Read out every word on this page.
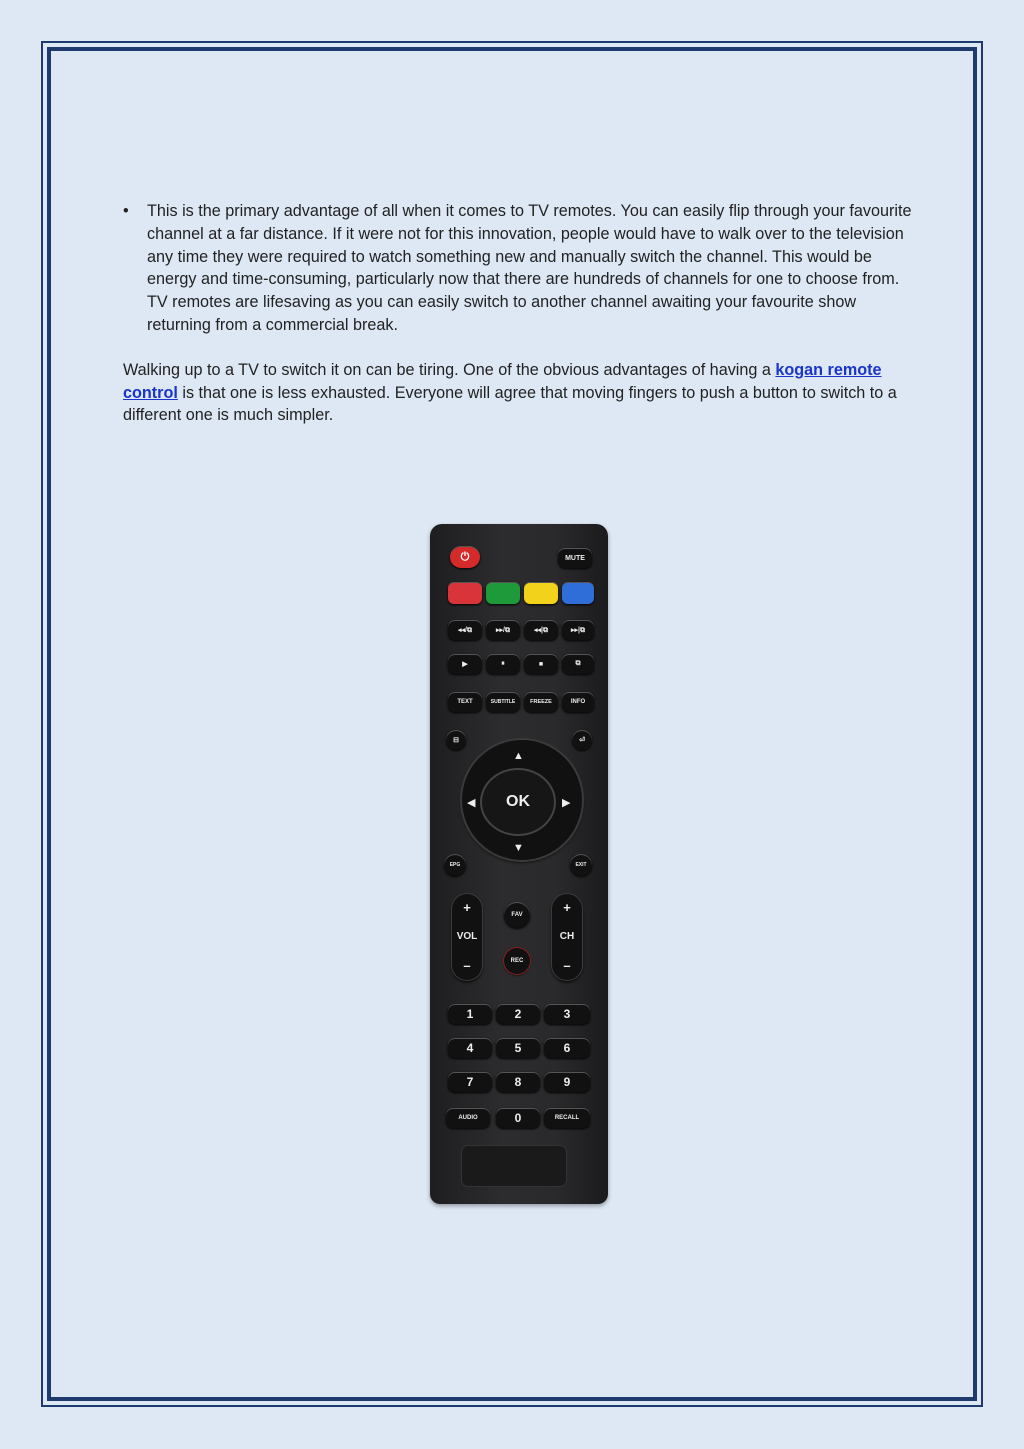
•	This is the primary advantage of all when it comes to TV remotes. You can easily flip through your favourite channel at a far distance. If it were not for this innovation, people would have to walk over to the television any time they were required to watch something new and manually switch the channel. This would be energy and time-consuming, particularly now that there are hundreds of channels for one to choose from. TV remotes are lifesaving as you can easily switch to another channel awaiting your favourite show returning from a commercial break.
Walking up to a TV to switch it on can be tiring. One of the obvious advantages of having a kogan remote control is that one is less exhausted. Everyone will agree that moving fingers to push a button to switch to a different one is much simpler.
⏻	MUTE
◂◂/⧉	▸▸/⧉	◂◂|⧉	▸▸|⧉
▶	⏸	■	⧉
TEXT	SUBTITLE	FREEZE	INFO
⊟	⏎
▲
▼
◀	▶
OK
EPG	EXIT
+
VOL
–
+
CH
–
FAV
REC
1	2	3
4	5	6
7	8	9
AUDIO	0	RECALL
